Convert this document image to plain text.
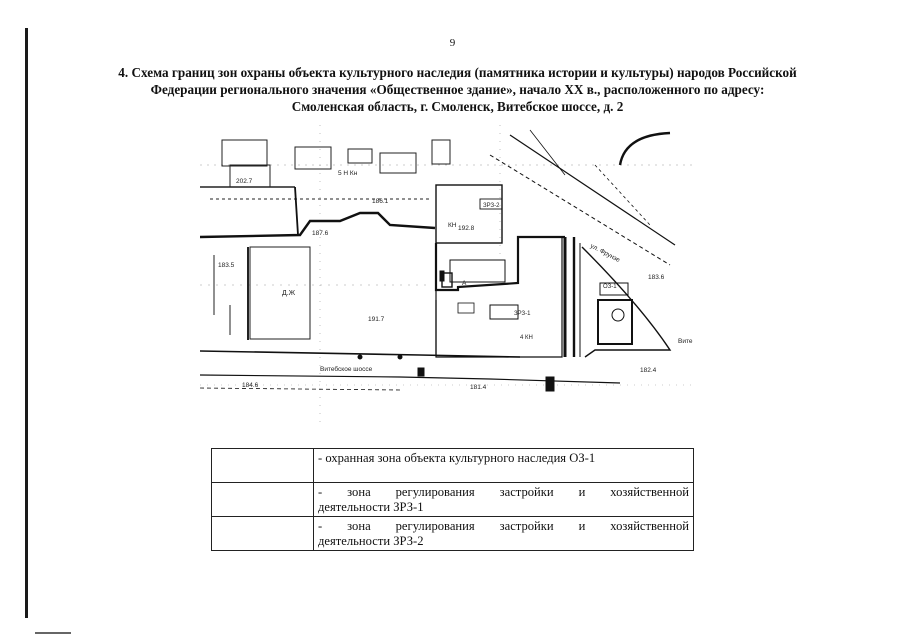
9
4. Схема границ зон охраны объекта культурного наследия (памятника истории и культуры) народов Российской
Федерации регионального значения «Общественное здание», начало XX в., расположенного по адресу:
Смоленская область, г. Смоленск, Витебское шоссе, д. 2
Витебское шоссе
ул. Фрунзе
Д.Ж
ОЗ-1
ЗРЗ-1
ЗРЗ-2
4 КН
202.7
192.8
191.7
183.6
184.6
182.4
181.4
186.1
187.6
183.5
5 Н Кн
КН
А
Вите
	- охранная зона объекта культурного наследия ОЗ-1

	- зона регулирования застройки и хозяйственной
деятельности ЗРЗ-1

	- зона регулирования застройки и хозяйственной
деятельности ЗРЗ-2
